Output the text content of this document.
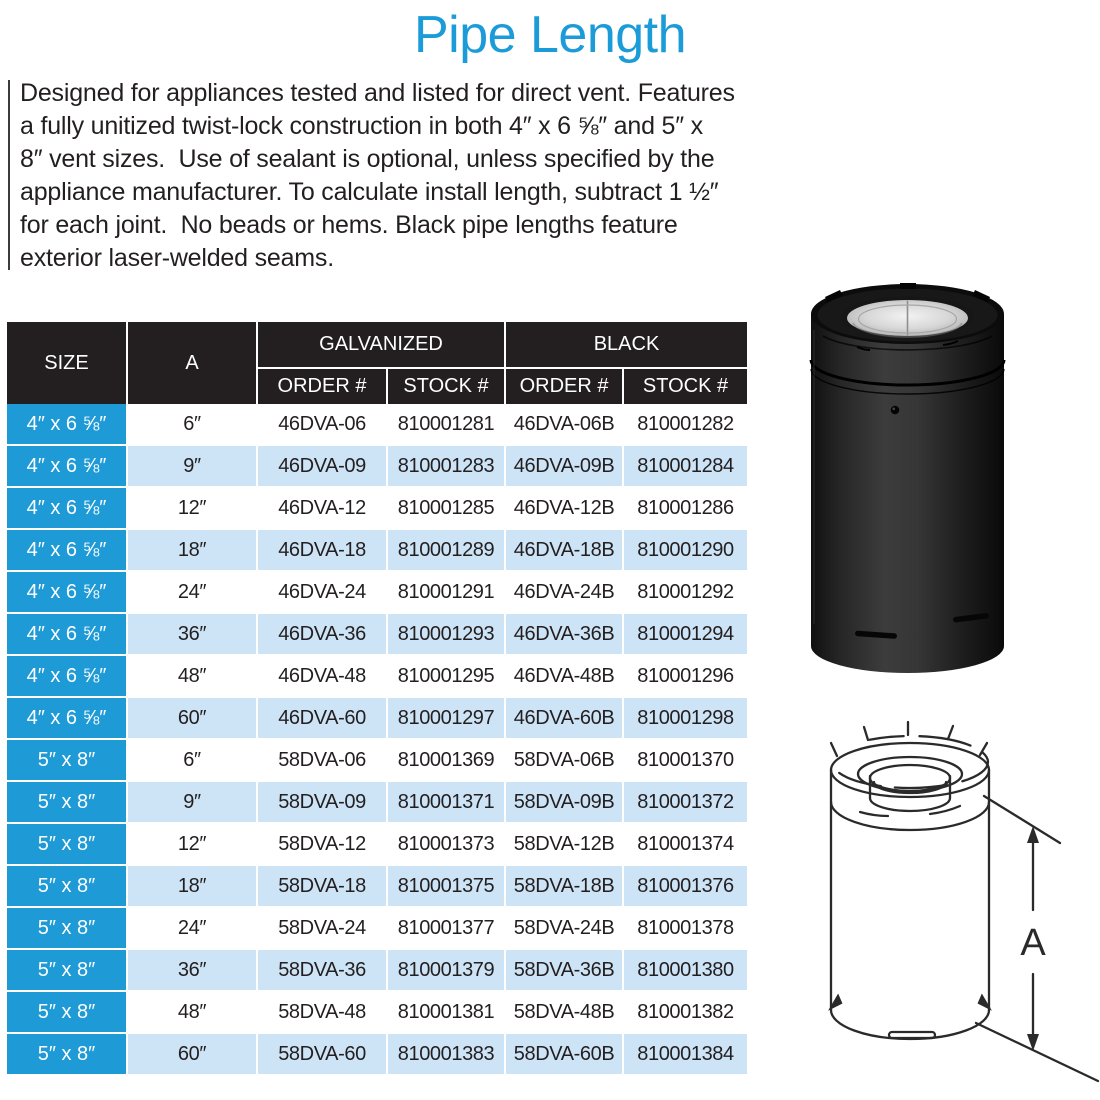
Pipe Length
Designed for appliances tested and listed for direct vent. Features
a fully unitized twist-lock construction in both 4″ x 6 ⅝″ and 5″ x
8″ vent sizes.  Use of sealant is optional, unless specified by the
appliance manufacturer. To calculate install length, subtract 1 ½″
for each joint.  No beads or hems. Black pipe lengths feature
exterior laser-welded seams.
SIZE	A	GALVANIZED		BLACK	
		ORDER #	STOCK #	ORDER #	STOCK #
4″ x 6 ⅝″	6″	46DVA-06	810001281	46DVA-06B	810001282
4″ x 6 ⅝″	9″	46DVA-09	810001283	46DVA-09B	810001284
4″ x 6 ⅝″	12″	46DVA-12	810001285	46DVA-12B	810001286
4″ x 6 ⅝″	18″	46DVA-18	810001289	46DVA-18B	810001290
4″ x 6 ⅝″	24″	46DVA-24	810001291	46DVA-24B	810001292
4″ x 6 ⅝″	36″	46DVA-36	810001293	46DVA-36B	810001294
4″ x 6 ⅝″	48″	46DVA-48	810001295	46DVA-48B	810001296
4″ x 6 ⅝″	60″	46DVA-60	810001297	46DVA-60B	810001298
5″ x 8″	6″	58DVA-06	810001369	58DVA-06B	810001370
5″ x 8″	9″	58DVA-09	810001371	58DVA-09B	810001372
5″ x 8″	12″	58DVA-12	810001373	58DVA-12B	810001374
5″ x 8″	18″	58DVA-18	810001375	58DVA-18B	810001376
5″ x 8″	24″	58DVA-24	810001377	58DVA-24B	810001378
5″ x 8″	36″	58DVA-36	810001379	58DVA-36B	810001380
5″ x 8″	48″	58DVA-48	810001381	58DVA-48B	810001382
5″ x 8″	60″	58DVA-60	810001383	58DVA-60B	810001384
A
